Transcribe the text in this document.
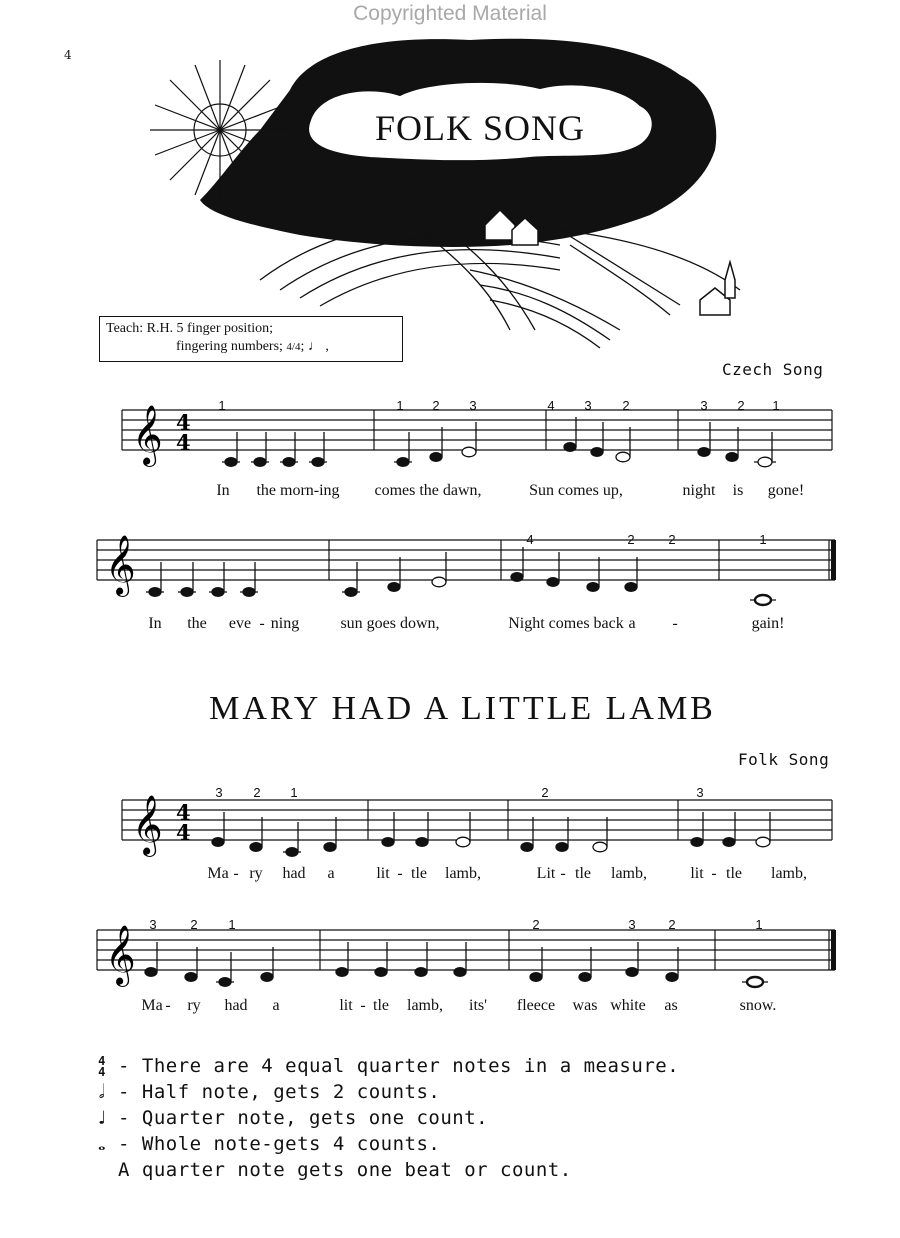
Copyrighted Material
4
FOLK SONG
Teach: R.H. 5 finger position;
fingering numbers; 4/4; ♩ ,
Czech Song
𝄞 4
4
1	1 2 3	4 3 2	3 2 1
In the morn-ing comes the dawn,	Sun comes up,	night is gone!
𝄞	4	2	2	1
In the eve - ning	sun goes down,	Night comes back a -	gain!
MARY HAD A LITTLE LAMB
Folk Song
𝄞 4
4
3 2 1	2	3
Ma - ry had a	lit - tle lamb,	Lit - tle lamb,	lit - tle lamb,
𝄞
3	2 1	2	3	2	1
Ma - ry had a	lit - tle lamb, its' fleece was white as	snow.
4
4 - There are 4 equal quarter notes in a measure.
𝅗𝅥 - Half note, gets 2 counts.
♩ - Quarter note, gets one count.
𝅝 - Whole note-gets 4 counts.
A quarter note gets one beat or count.
